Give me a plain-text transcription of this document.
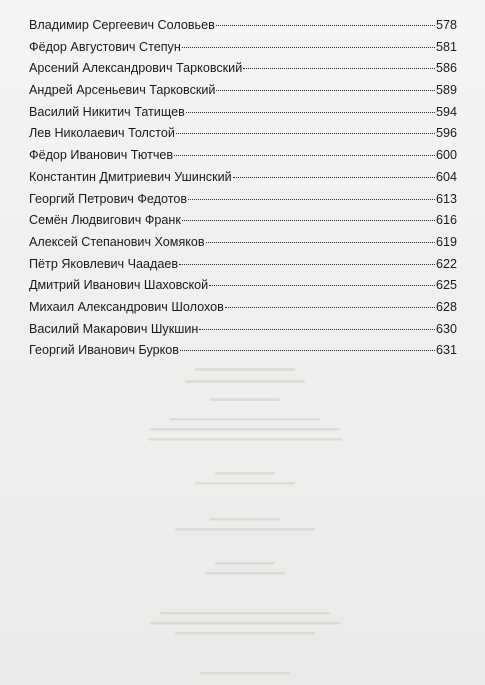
Владимир Сергеевич Соловьев	578
Фёдор Августович Степун	581
Арсений Александрович Тарковский	586
Андрей Арсеньевич Тарковский	589
Василий Никитич Татищев	594
Лев Николаевич Толстой	596
Фёдор Иванович Тютчев	600
Константин Дмитриевич Ушинский	604
Георгий Петрович Федотов	613
Семён Людвигович Франк	616
Алексей Степанович Хомяков	619
Пётр Яковлевич Чаадаев	622
Дмитрий Иванович Шаховской	625
Михаил Александрович Шолохов	628
Василий Макарович Шукшин	630
Георгий Иванович Бурков	631
